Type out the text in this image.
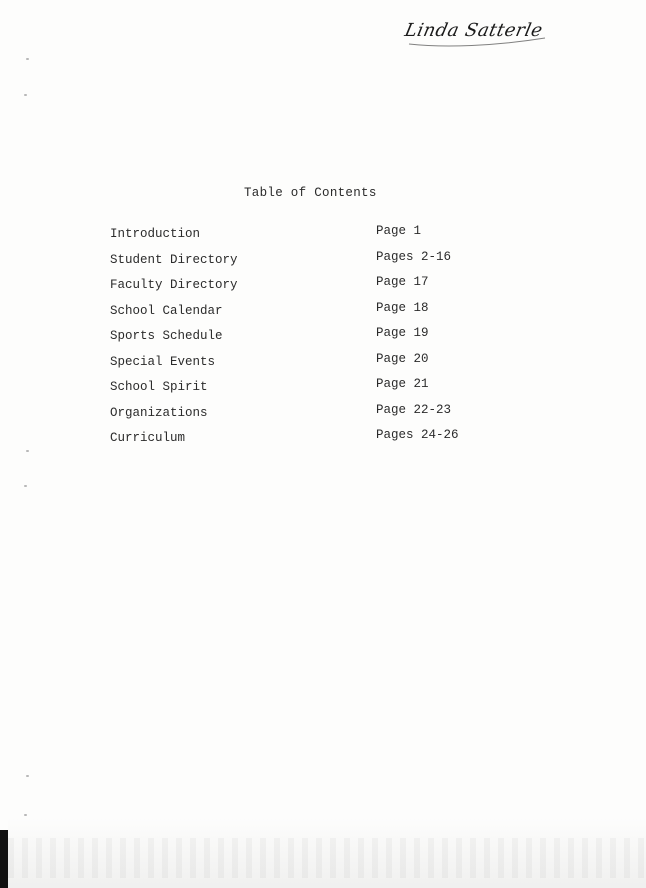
Linda Satterle
Table of Contents
Introduction	Page 1
Student Directory	Pages 2-16
Faculty Directory	Page 17
School Calendar	Page 18
Sports Schedule	Page 19
Special Events	Page 20
School Spirit	Page 21
Organizations	Page 22-23
Curriculum	Pages 24-26
